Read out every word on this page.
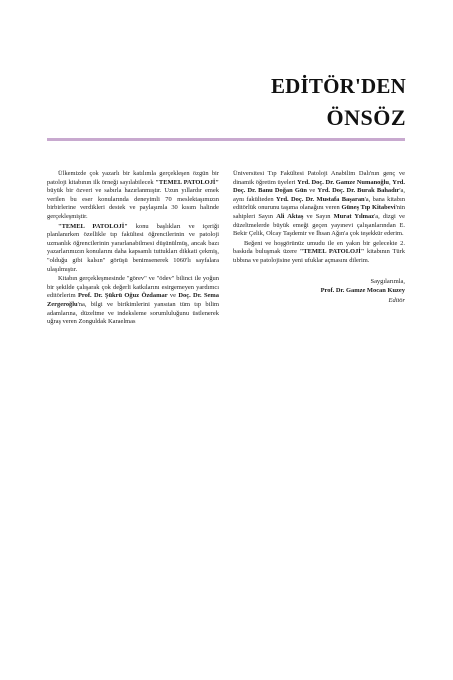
EDİTÖR'DEN
ÖNSÖZ

Ülkemizde çok yazarlı bir katılımla gerçekleşen özgün bir patoloji kitabının ilk örneği sayılabilecek "TEMEL PATOLOJİ" büyük bir özveri ve sabırla hazırlanmıştır. Uzun yıllardır emek verilen bu eser konularında deneyimli 70 meslektaşımızın birbirlerine verdikleri destek ve paylaşımla 30 kısım halinde gerçekleşmiştir.

"TEMEL PATOLOJİ" konu başlıkları ve içeriği planlanırken özellikle tıp fakültesi öğrencilerinin ve patoloji uzmanlık öğrencilerinin yararlanabilmesi düşünülmüş, ancak bazı yazarlarımızın konularını daha kapsamlı tuttukları dikkati çekmiş, "olduğu gibi kalsın" görüşü benimsenerek 1060'lı sayfalara ulaşılmıştır.

Kitabın gerçekleşmesinde "görev" ve "ödev" bilinci ile yoğun bir şekilde çalışarak çok değerli katkılarını esirgemeyen yardımcı editörlerim Prof. Dr. Şükrü Oğuz Özdamar ve Doç. Dr. Sema Zergeroğlu'na, bilgi ve birikimlerini yansıtan tüm tıp bilim adamlarına, düzeltme ve indeksleme sorumluluğunu üstlenerek uğraş veren Zonguldak Karaelmas

Üniversitesi Tıp Fakültesi Patoloji Anabilim Dalı'nın genç ve dinamik öğretim üyeleri Yrd. Doç. Dr. Gamze Numanoğlu, Yrd. Doç. Dr. Banu Doğan Gün ve Yrd. Doç. Dr. Burak Bahadır'a, aynı fakülteden Yrd. Doç. Dr. Mustafa Başaran'a, bana kitabın editörlük onurunu taşıma olanağını veren Güneş Tıp Kitabevi'nin sahipleri Sayın Ali Aktaş ve Sayın Murat Yılmaz'a, dizgi ve düzeltmelerde büyük emeği geçen yayınevi çalışanlarından E. Bekir Çelik, Olcay Taşdemir ve İhsan Ağın'a çok teşekkür ederim.

Beğeni ve hoşgörünüz umudu ile en yakın bir gelecekte 2. baskıda buluşmak üzere "TEMEL PATOLOJİ" kitabının Türk tıbbına ve patolojisine yeni ufuklar açmasını dilerim.

Saygılarımla,

Prof. Dr. Gamze Mocan Kuzey

Editör
